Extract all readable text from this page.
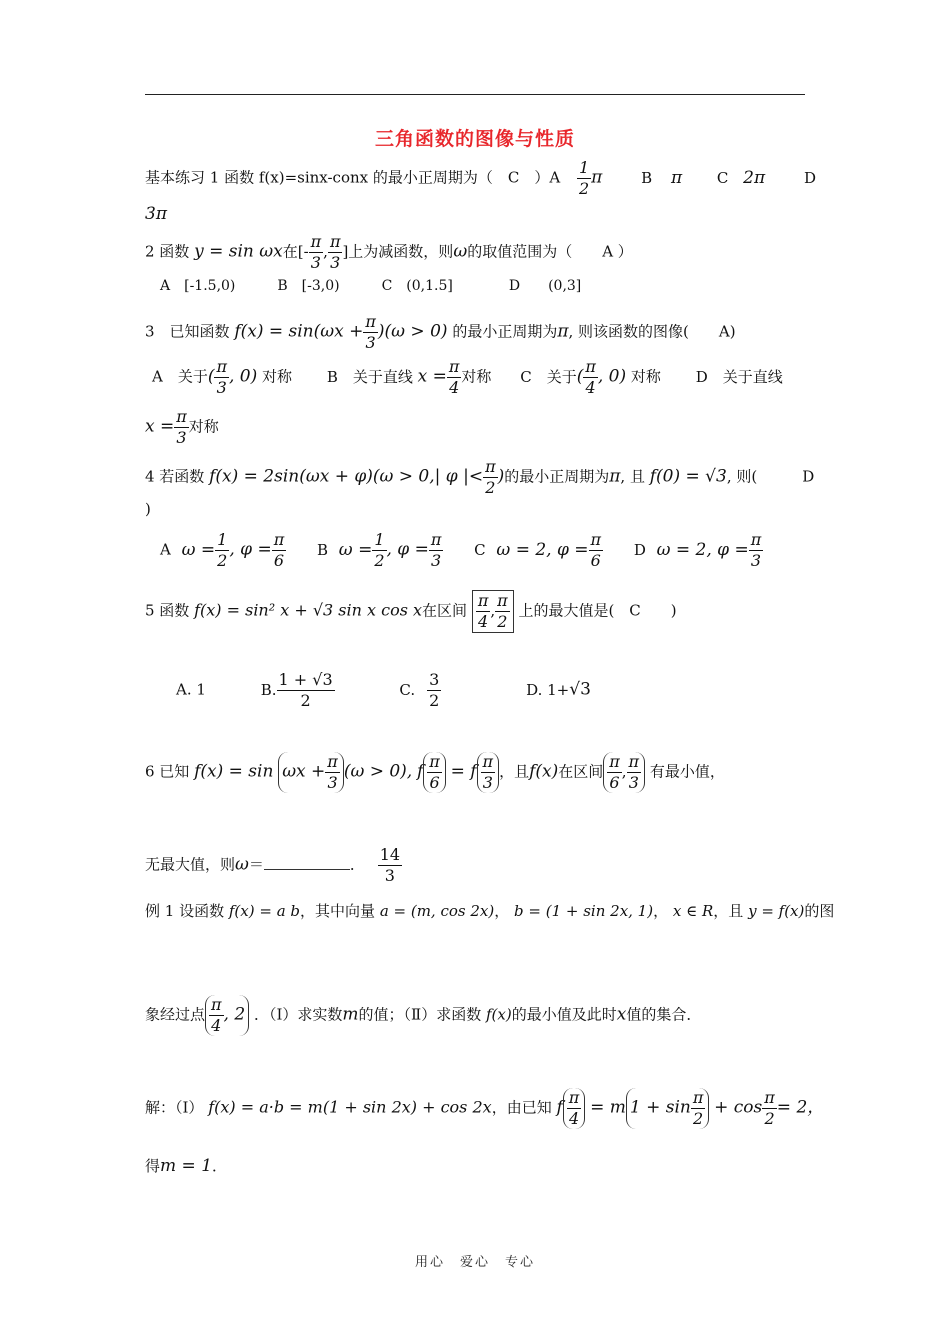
三角函数的图像与性质
基本练习 1 函数 f(x)=sinx-conx 的最小正周期为（　C　）$A \frac{1}{2}$ π	B π C 2π	D
3π
2 函数 y = sin ωx在[- $\frac{\pi}{3}$ , $\frac{\pi}{3}$ ]上为减函数，则ω的取值范围为（　　A ）
A　[-1.5,0)　　　B　[-3,0)　　　C　(0,1.5]　　　　D　　(0,3]
3　已知函数 $f(x) = \sin(\omega x + \frac{\pi}{3} )(\omega > 0)$ 的最小正周期为π, 则该函数的图像(　　A)
A　关于( $\frac{\pi}{3}$ , 0) 对称 B　关于直线 $x = \frac{\pi}{4}$ 对称 C　关于( $\frac{\pi}{4}$ , 0) 对称 D　关于直线
$x = \frac{\pi}{3}$ 对称
4 若函数 f(x) = 2sin(ωx + φ)(ω > 0,| φ |< $\frac{\pi}{2}$ )的最小正周期为π, 且 f(0) = √3, 则(　　　D
)
A $\omega = \frac{1}{2}$ , $\varphi = \frac{\pi}{6}$ B $\omega = \frac{1}{2}$ , $\varphi = \frac{\pi}{3}$ C ω = 2, $\varphi = \frac{\pi}{6}$ D ω = 2, $\varphi = \frac{\pi}{3}$
5 函数 f(x) = sin² x + √3 sin x cos x在区间 $\frac{\pi}{4}$ , $\frac{\pi}{2}$ 上的最大值是(　C　　)
A. 1	B. $\frac{1 + √3}{2}$	C. $\frac{3}{2}$	D. 1+√3
6 已知 $f(x) = \sin \omega x + \frac{\pi}{3} (\omega > 0)$, f $\frac{\pi}{6} = f \frac{\pi}{3}$ ，且f(x)在区间 $\frac{\pi}{6}$ , $\frac{\pi}{3}$ 有最小值，
无最大值，则ω＝	． $\frac{14}{3}$
例 1 设函数 f(x) = a b，其中向量 a = (m, cos 2x)， b = (1 + sin 2x, 1)， x ∈ R，且 y = f(x)的图
象经过点 $\frac{\pi}{4}$ , 2 ．（Ⅰ）求实数m的值；（Ⅱ）求函数 f(x)的最小值及此时x值的集合．
解：（Ⅰ） f(x) = a·b = m(1 + sin 2x) + cos 2x，由已知 f $\frac{\pi}{4} = m$ $1 + \sin \frac{\pi}{2} + \cos \frac{\pi}{2} = 2$，
得m = 1．
用心　爱心　专心
